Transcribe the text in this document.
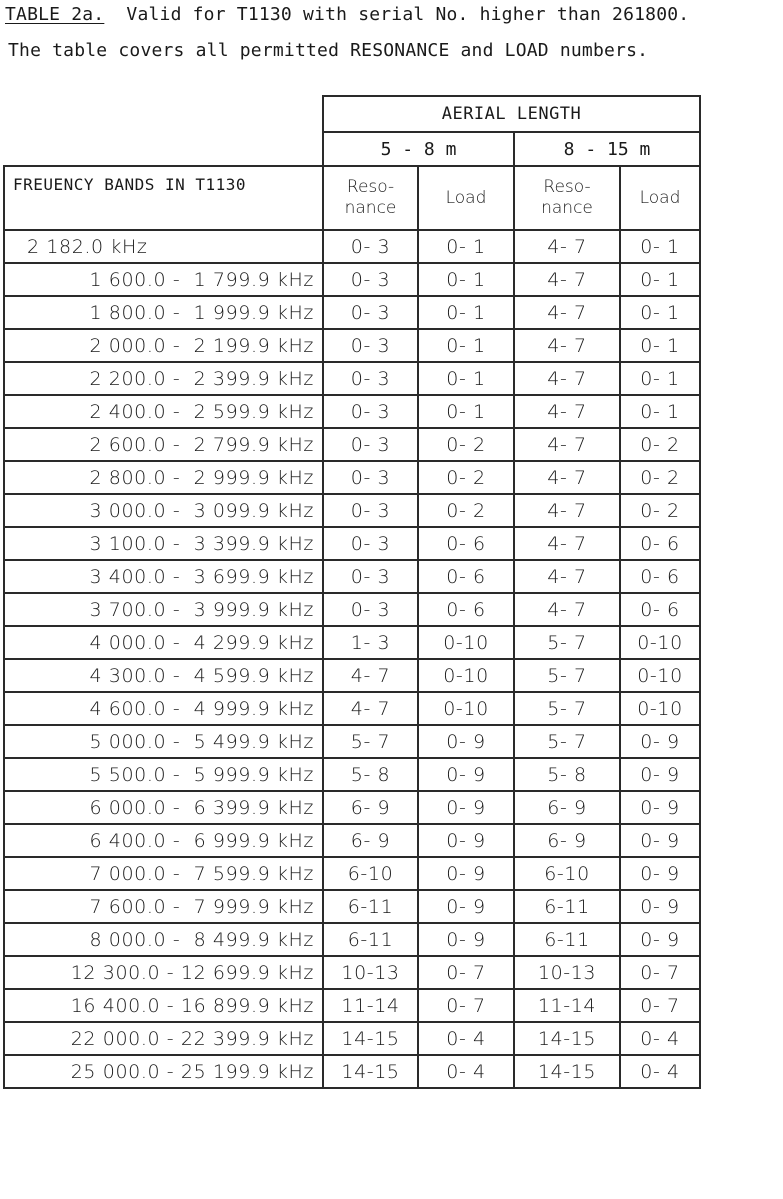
TABLE 2a.  Valid for T1130 with serial No. higher than 261800.
The table covers all permitted RESONANCE and LOAD numbers.
	AERIAL LENGTH			
	5 - 8 m		8 - 15 m	
FREUENCY BANDS IN T1130	Reso-
nance	Load	Reso-
nance	Load
2 182.0 kHz	0- 3	0- 1	4- 7	0- 1
1 600.0 -  1 799.9 kHz	0- 3	0- 1	4- 7	0- 1
1 800.0 -  1 999.9 kHz	0- 3	0- 1	4- 7	0- 1
2 000.0 -  2 199.9 kHz	0- 3	0- 1	4- 7	0- 1
2 200.0 -  2 399.9 kHz	0- 3	0- 1	4- 7	0- 1
2 400.0 -  2 599.9 kHz	0- 3	0- 1	4- 7	0- 1
2 600.0 -  2 799.9 kHz	0- 3	0- 2	4- 7	0- 2
2 800.0 -  2 999.9 kHz	0- 3	0- 2	4- 7	0- 2
3 000.0 -  3 099.9 kHz	0- 3	0- 2	4- 7	0- 2
3 100.0 -  3 399.9 kHz	0- 3	0- 6	4- 7	0- 6
3 400.0 -  3 699.9 kHz	0- 3	0- 6	4- 7	0- 6
3 700.0 -  3 999.9 kHz	0- 3	0- 6	4- 7	0- 6
4 000.0 -  4 299.9 kHz	1- 3	0-10	5- 7	0-10
4 300.0 -  4 599.9 kHz	4- 7	0-10	5- 7	0-10
4 600.0 -  4 999.9 kHz	4- 7	0-10	5- 7	0-10
5 000.0 -  5 499.9 kHz	5- 7	0- 9	5- 7	0- 9
5 500.0 -  5 999.9 kHz	5- 8	0- 9	5- 8	0- 9
6 000.0 -  6 399.9 kHz	6- 9	0- 9	6- 9	0- 9
6 400.0 -  6 999.9 kHz	6- 9	0- 9	6- 9	0- 9
7 000.0 -  7 599.9 kHz	6-10	0- 9	6-10	0- 9
7 600.0 -  7 999.9 kHz	6-11	0- 9	6-11	0- 9
8 000.0 -  8 499.9 kHz	6-11	0- 9	6-11	0- 9
12 300.0 - 12 699.9 kHz	10-13	0- 7	10-13	0- 7
16 400.0 - 16 899.9 kHz	11-14	0- 7	11-14	0- 7
22 000.0 - 22 399.9 kHz	14-15	0- 4	14-15	0- 4
25 000.0 - 25 199.9 kHz	14-15	0- 4	14-15	0- 4
